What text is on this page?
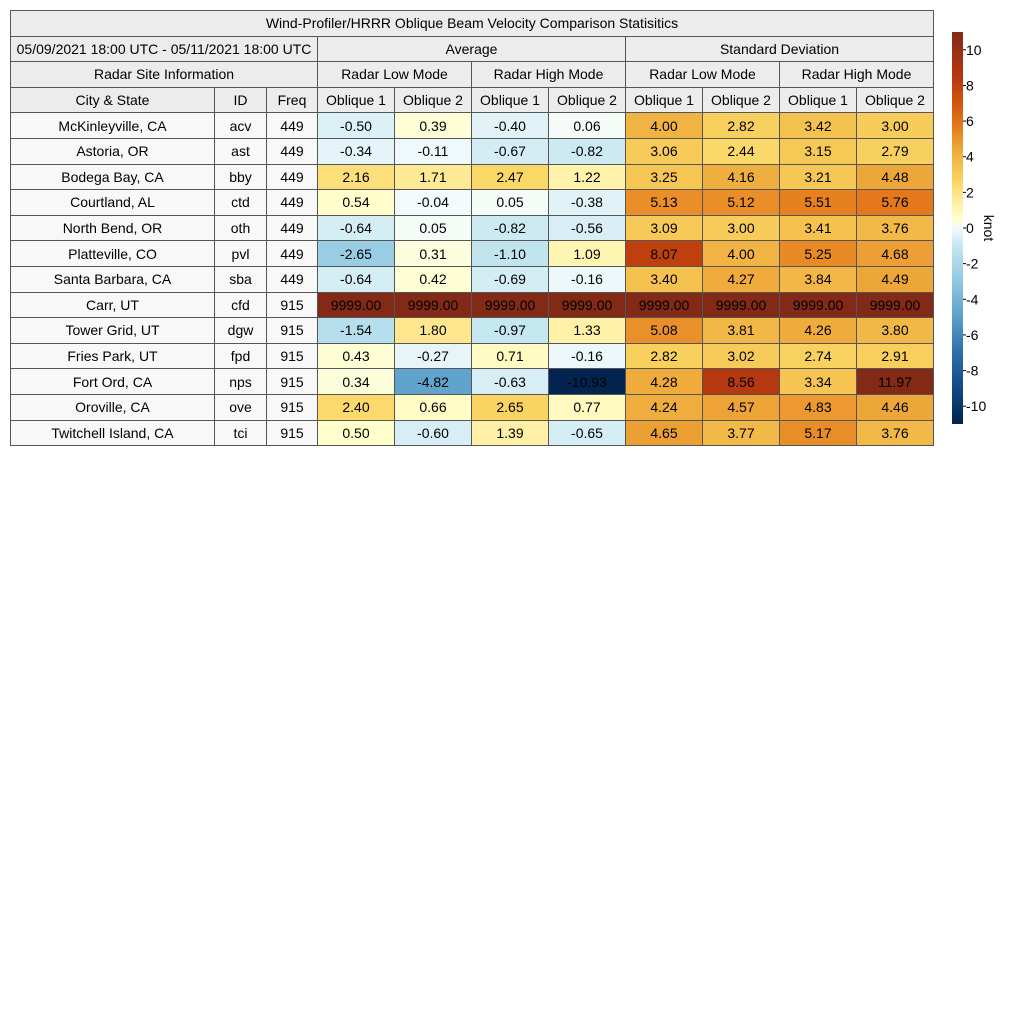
Wind-Profiler/HRRR Oblique Beam Velocity Comparison Statisitics										
05/09/2021 18:00 UTC - 05/11/2021 18:00 UTC			Average				Standard Deviation			
Radar Site Information			Radar Low Mode		Radar High Mode		Radar Low Mode		Radar High Mode	
City & State	ID	Freq	Oblique 1	Oblique 2	Oblique 1	Oblique 2	Oblique 1	Oblique 2	Oblique 1	Oblique 2
McKinleyville, CA	acv	449	-0.50	0.39	-0.40	0.06	4.00	2.82	3.42	3.00
Astoria, OR	ast	449	-0.34	-0.11	-0.67	-0.82	3.06	2.44	3.15	2.79
Bodega Bay, CA	bby	449	2.16	1.71	2.47	1.22	3.25	4.16	3.21	4.48
Courtland, AL	ctd	449	0.54	-0.04	0.05	-0.38	5.13	5.12	5.51	5.76
North Bend, OR	oth	449	-0.64	0.05	-0.82	-0.56	3.09	3.00	3.41	3.76
Platteville, CO	pvl	449	-2.65	0.31	-1.10	1.09	8.07	4.00	5.25	4.68
Santa Barbara, CA	sba	449	-0.64	0.42	-0.69	-0.16	3.40	4.27	3.84	4.49
Carr, UT	cfd	915	9999.00	9999.00	9999.00	9999.00	9999.00	9999.00	9999.00	9999.00
Tower Grid, UT	dgw	915	-1.54	1.80	-0.97	1.33	5.08	3.81	4.26	3.80
Fries Park, UT	fpd	915	0.43	-0.27	0.71	-0.16	2.82	3.02	2.74	2.91
Fort Ord, CA	nps	915	0.34	-4.82	-0.63	-10.93	4.28	8.56	3.34	11.97
Oroville, CA	ove	915	2.40	0.66	2.65	0.77	4.24	4.57	4.83	4.46
Twitchell Island, CA	tci	915	0.50	-0.60	1.39	-0.65	4.65	3.77	5.17	3.76
10
8
6
4
2
0
-2
-4
-6
-8
-10
knot
